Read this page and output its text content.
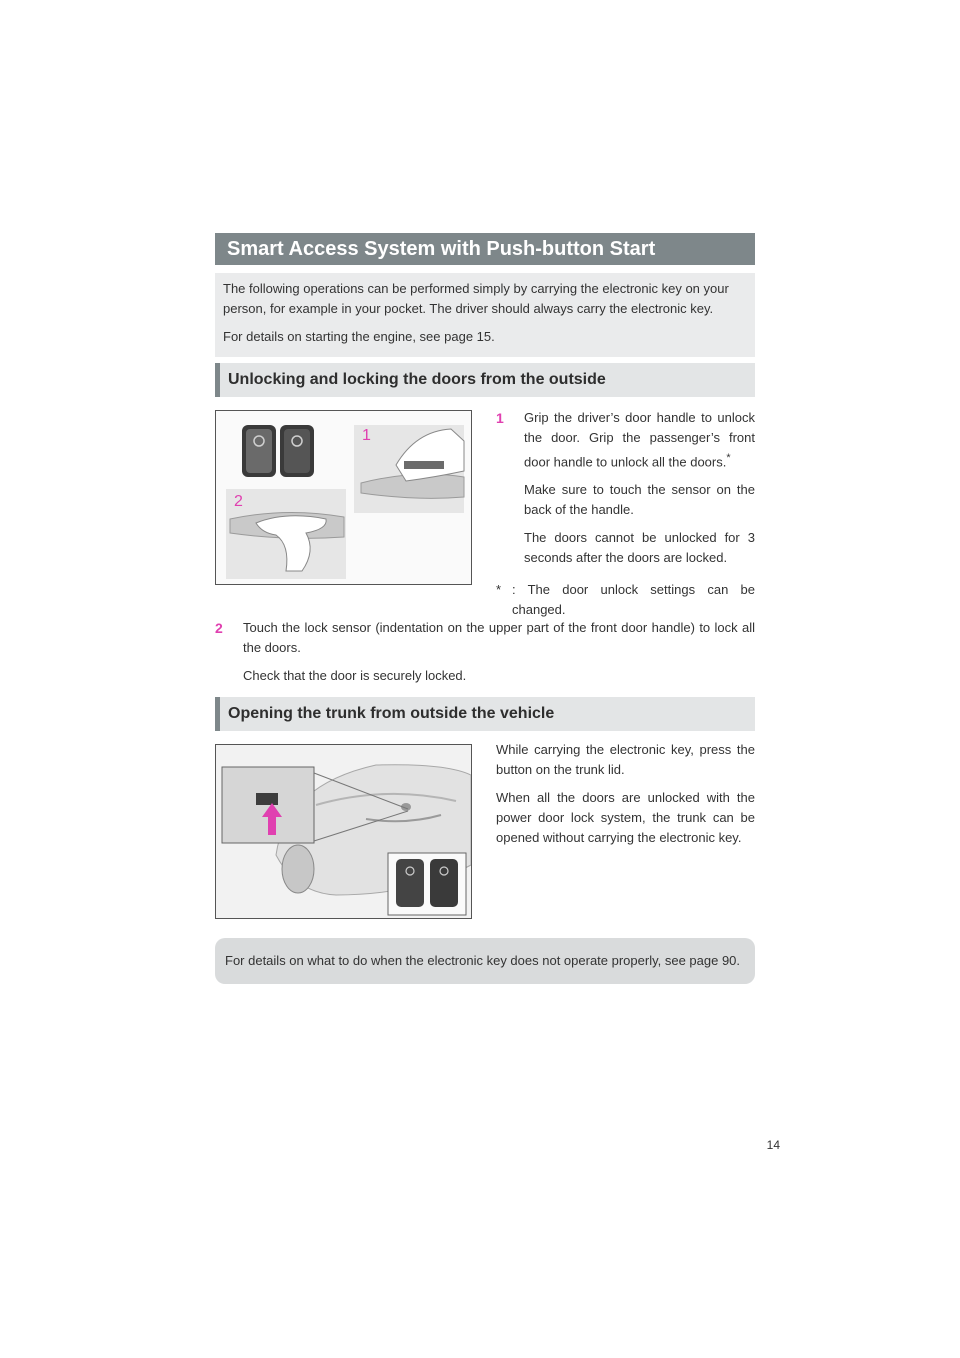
Smart Access System with Push-button Start

The following operations can be performed simply by carrying the electronic key on your person, for example in your pocket. The driver should always carry the electronic key.

For details on starting the engine, see page 15.

Unlocking and locking the doors from the outside
1
2
1	Grip the driver’s door handle to unlock the door. Grip the passenger’s front door handle to unlock all the doors.*

Make sure to touch the sensor on the back of the handle.

The doors cannot be unlocked for 3 seconds after the doors are locked.

* : The door unlock settings can be changed.
2	Touch the lock sensor (indentation on the upper part of the front door handle) to lock all the doors.

Check that the door is securely locked.

Opening the trunk from outside the vehicle

While carrying the electronic key, press the button on the trunk lid.

When all the doors are unlocked with the power door lock system, the trunk can be opened without carrying the electronic key.

For details on what to do when the electronic key does not operate properly, see page 90.
14
